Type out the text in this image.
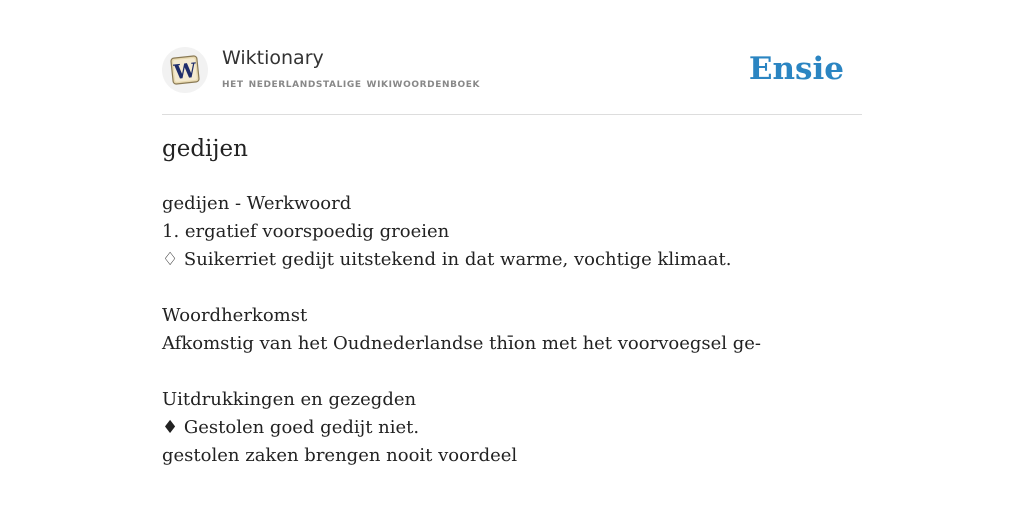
W Wiktionary
het nederlandstalige wikiwoordenboek	Ensie
gedijen
gedijen - Werkwoord
1. ergatief voorspoedig groeien
♢ Suikerriet gedijt uitstekend in dat warme, vochtige klimaat.
Woordherkomst
Afkomstig van het Oudnederlandse thīon met het voorvoegsel ge-
Uitdrukkingen en gezegden
♦ Gestolen goed gedijt niet.
gestolen zaken brengen nooit voordeel
